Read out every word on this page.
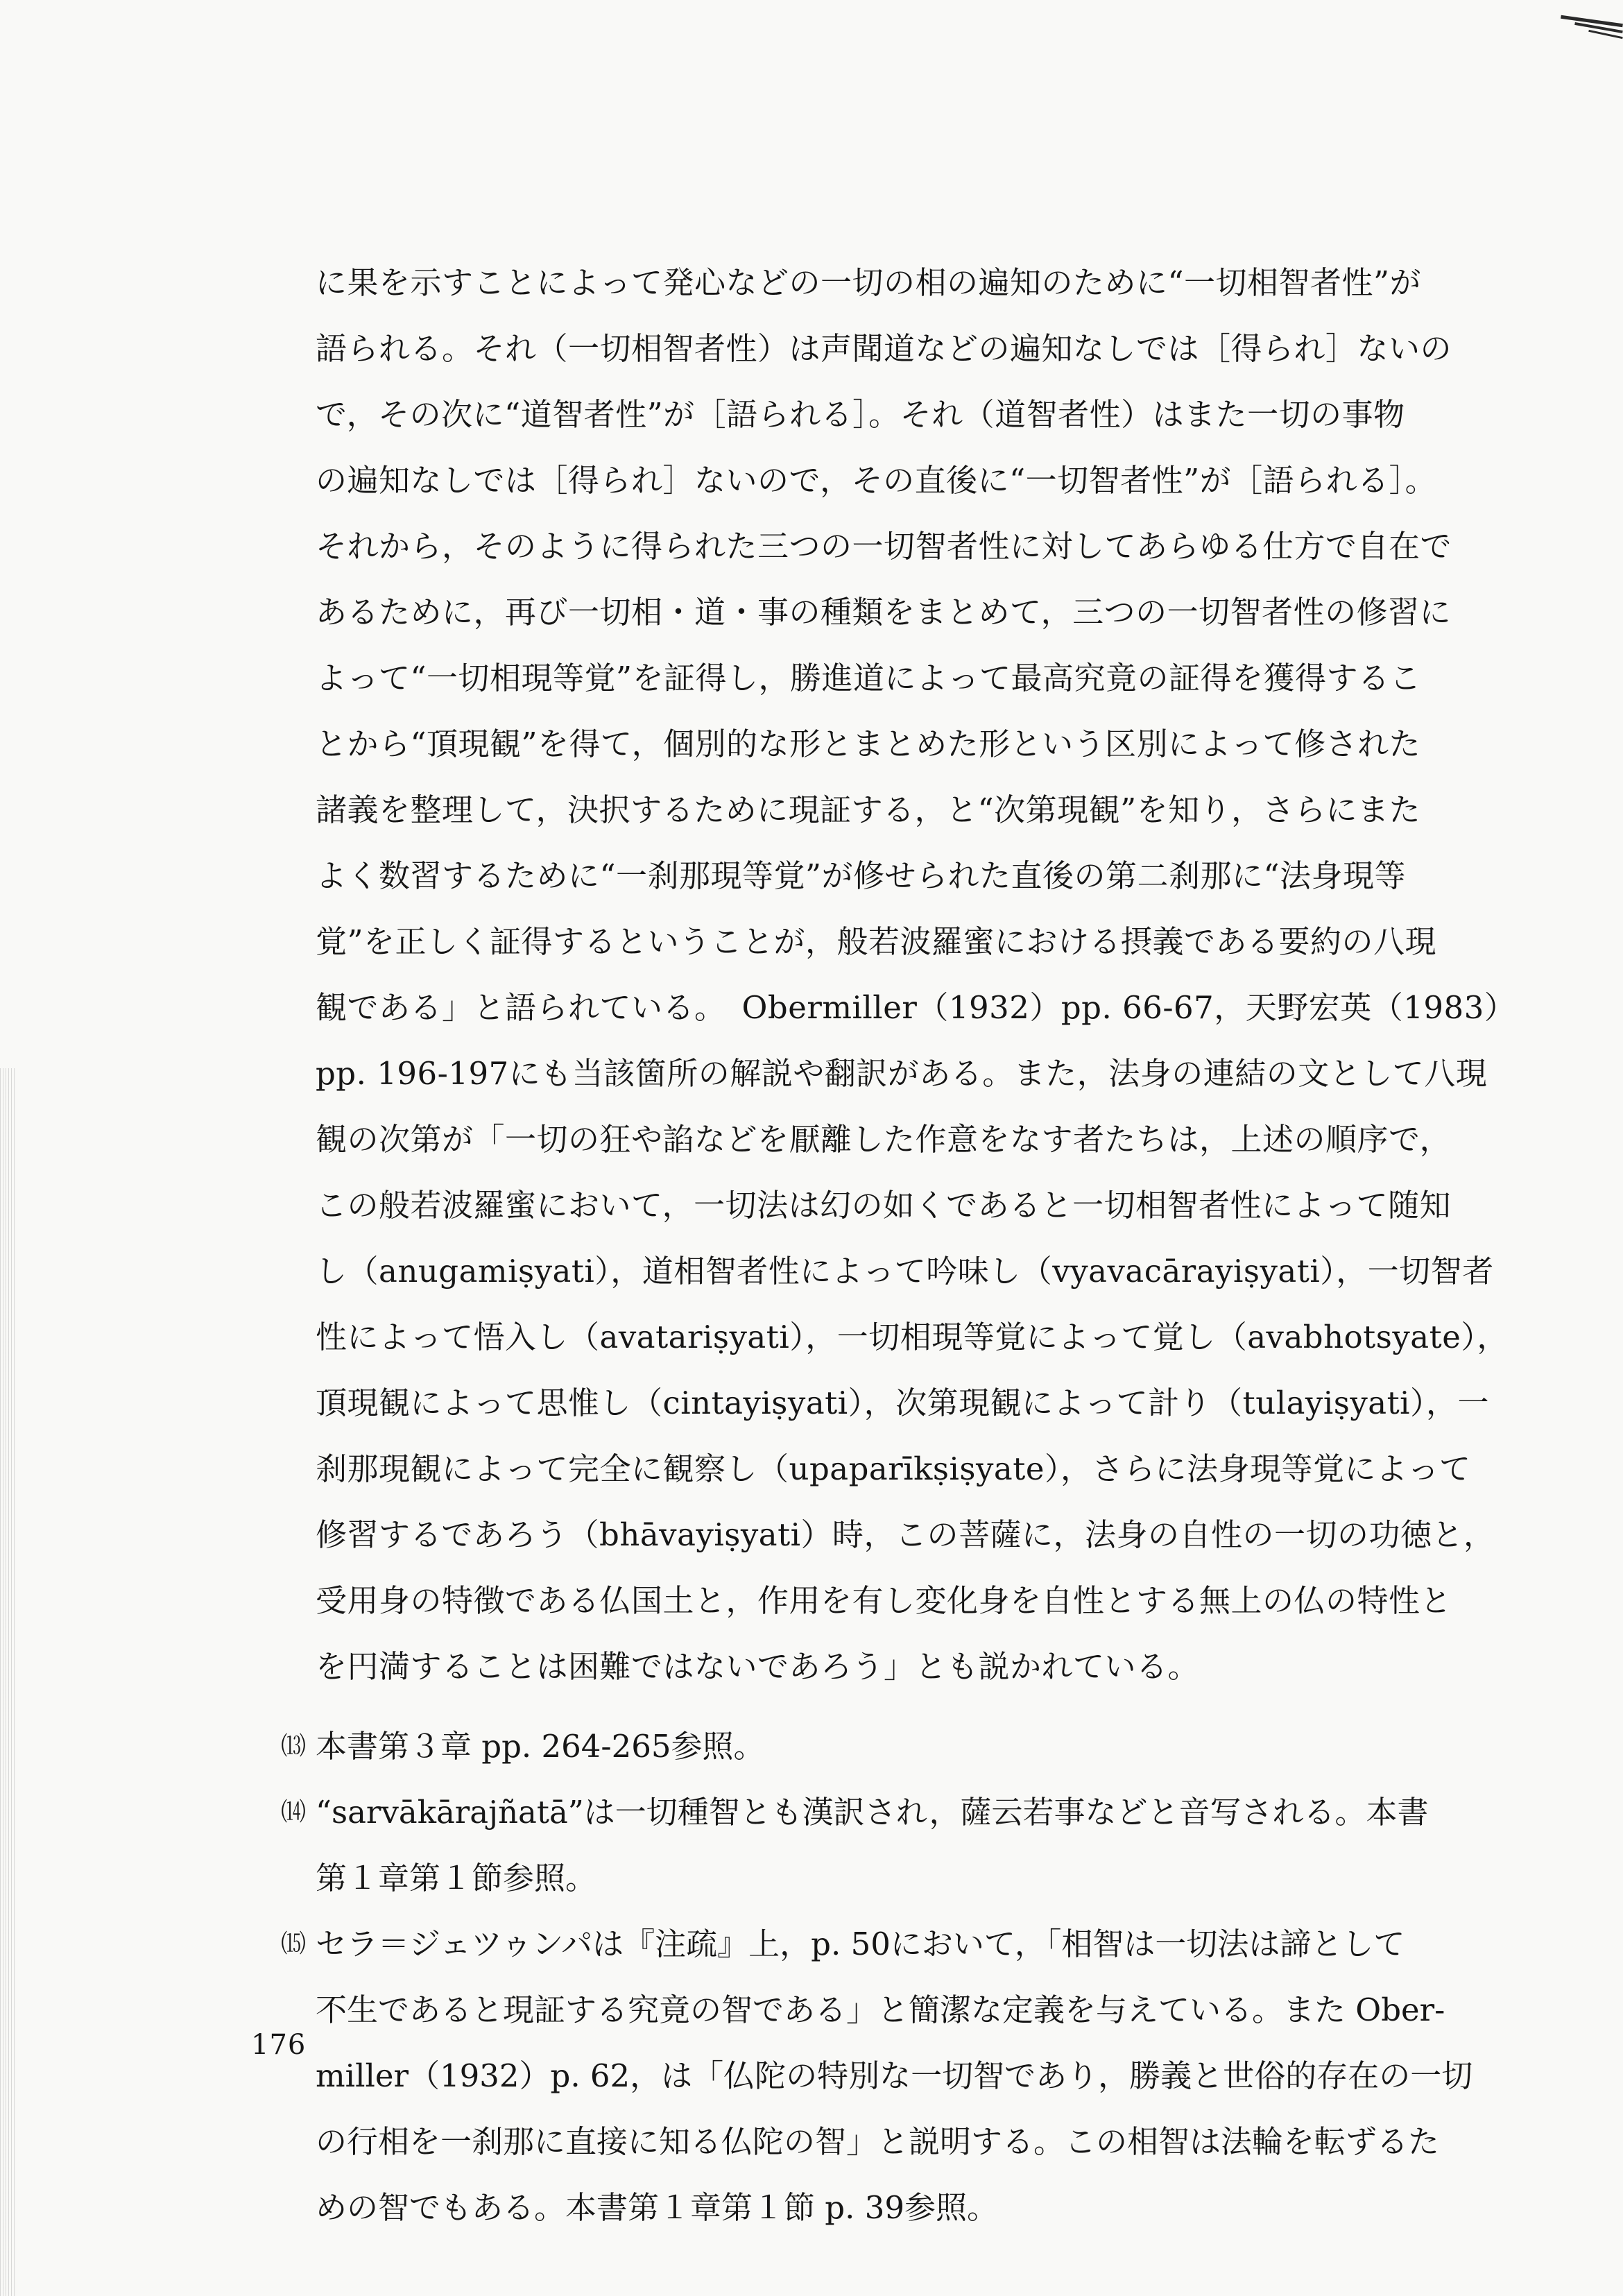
に果を示すことによって発心などの一切の相の遍知のために“一切相智者性”が
語られる。それ（一切相智者性）は声聞道などの遍知なしでは［得られ］ないの
で，その次に“道智者性”が［語られる］。それ（道智者性）はまた一切の事物
の遍知なしでは［得られ］ないので，その直後に“一切智者性”が［語られる］。
それから，そのように得られた三つの一切智者性に対してあらゆる仕方で自在で
あるために，再び一切相・道・事の種類をまとめて，三つの一切智者性の修習に
よって“一切相現等覚”を証得し，勝進道によって最高究竟の証得を獲得するこ
とから“頂現観”を得て，個別的な形とまとめた形という区別によって修された
諸義を整理して，決択するために現証する，と“次第現観”を知り，さらにまた
よく数習するために“一刹那現等覚”が修せられた直後の第二刹那に“法身現等
覚”を正しく証得するということが，般若波羅蜜における摂義である要約の八現
観である」と語られている。　Obermiller（1932）pp. 66-67，天野宏英（1983）
pp. 196-197にも当該箇所の解説や翻訳がある。また，法身の連結の文として八現
観の次第が「一切の狂や諂などを厭離した作意をなす者たちは，上述の順序で，
この般若波羅蜜において，一切法は幻の如くであると一切相智者性によって随知
し（anugamiṣyati），道相智者性によって吟味し（vyavacārayiṣyati），一切智者
性によって悟入し（avatariṣyati），一切相現等覚によって覚し（avabhotsyate），
頂現観によって思惟し（cintayiṣyati），次第現観によって計り（tulayiṣyati），一
刹那現観によって完全に観察し（upaparīkṣiṣyate），さらに法身現等覚によって
修習するであろう（bhāvayiṣyati）時，この菩薩に，法身の自性の一切の功徳と，
受用身の特徴である仏国土と，作用を有し変化身を自性とする無上の仏の特性と
を円満することは困難ではないであろう」とも説かれている。
⒀ 本書第３章 pp. 264-265参照。
⒁ “sarvākārajñatā”は一切種智とも漢訳され，薩云若事などと音写される。本書
第１章第１節参照。
⒂ セラ＝ジェツゥンパは『注疏』上，p. 50において，「相智は一切法は諦として
不生であると現証する究竟の智である」と簡潔な定義を与えている。また Ober-
miller（1932）p. 62，は「仏陀の特別な一切智であり，勝義と世俗的存在の一切
の行相を一刹那に直接に知る仏陀の智」と説明する。この相智は法輪を転ずるた
めの智でもある。本書第１章第１節 p. 39参照。
176
